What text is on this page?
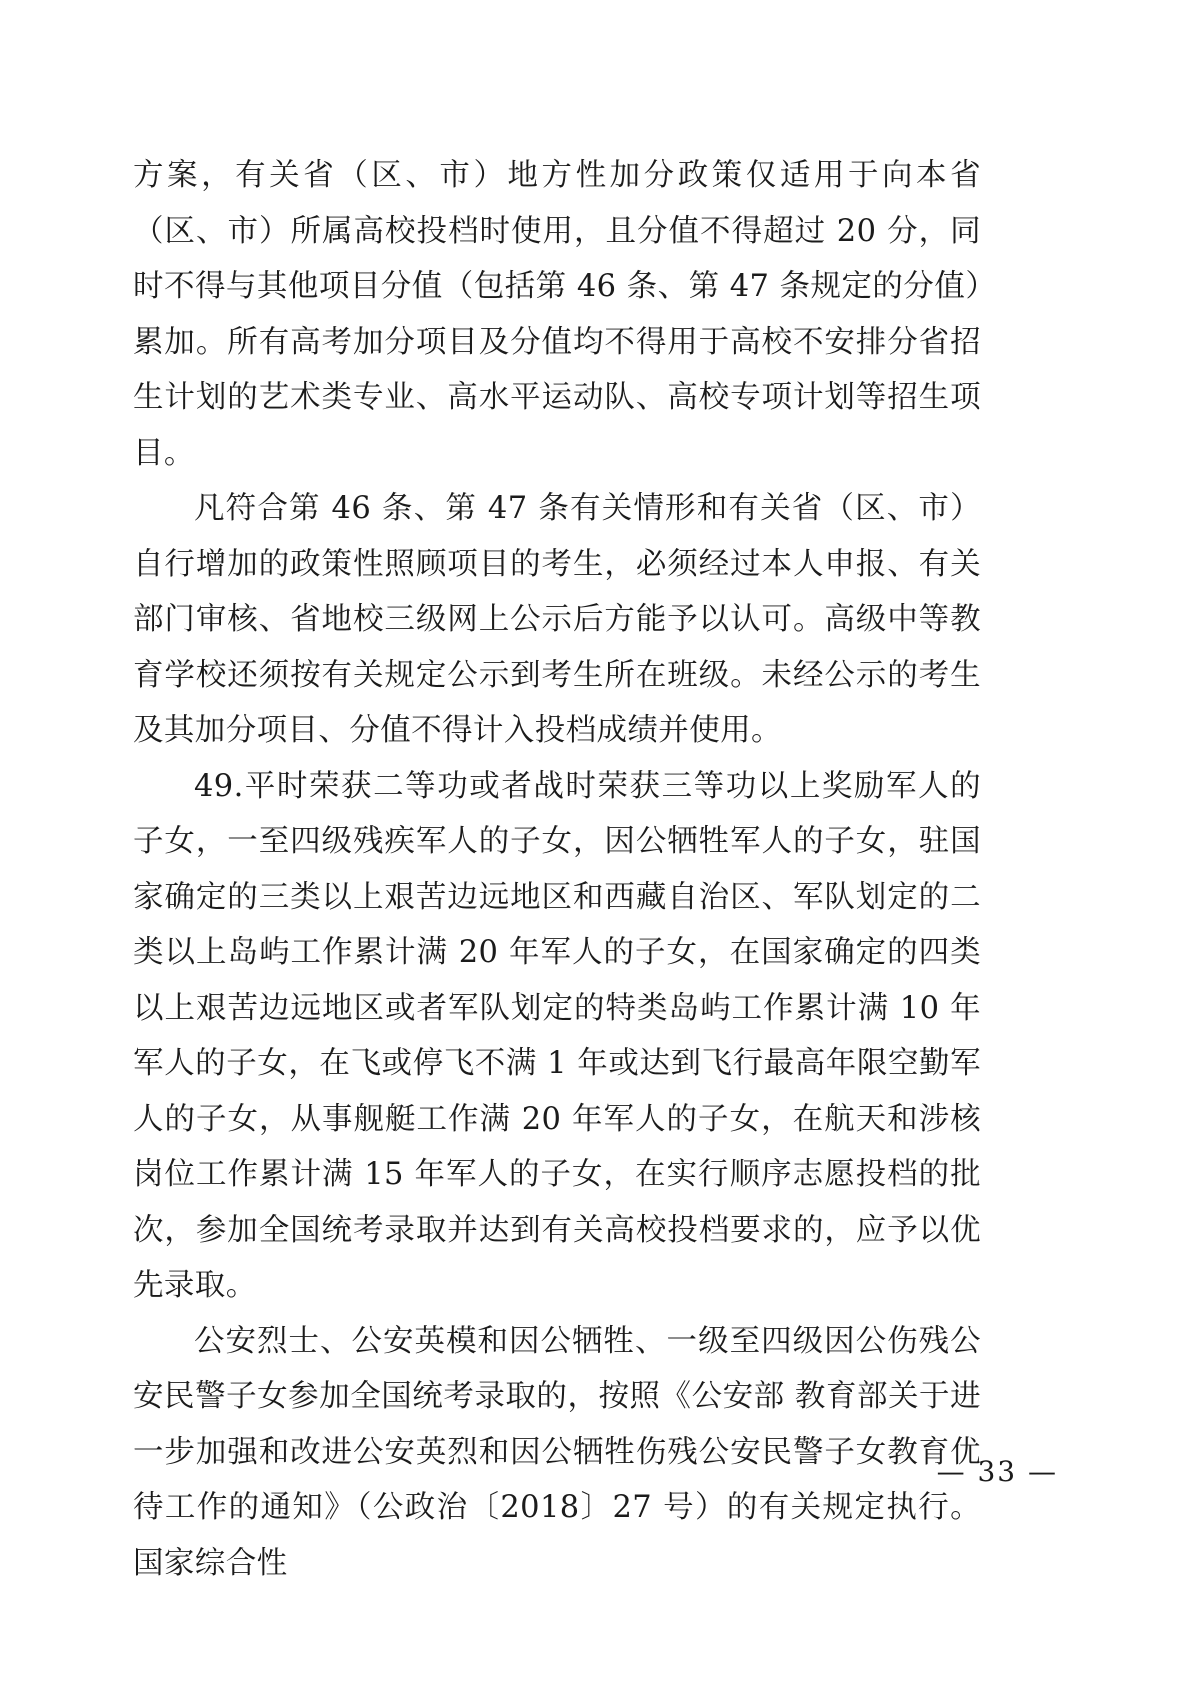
方案，有关省（区、市）地方性加分政策仅适用于向本省（区、市）所属高校投档时使用，且分值不得超过 20 分，同时不得与其他项目分值（包括第 46 条、第 47 条规定的分值）累加。所有高考加分项目及分值均不得用于高校不安排分省招生计划的艺术类专业、高水平运动队、高校专项计划等招生项目。

凡符合第 46 条、第 47 条有关情形和有关省（区、市）自行增加的政策性照顾项目的考生，必须经过本人申报、有关部门审核、省地校三级网上公示后方能予以认可。高级中等教育学校还须按有关规定公示到考生所在班级。未经公示的考生及其加分项目、分值不得计入投档成绩并使用。

49.平时荣获二等功或者战时荣获三等功以上奖励军人的子女，一至四级残疾军人的子女，因公牺牲军人的子女，驻国家确定的三类以上艰苦边远地区和西藏自治区、军队划定的二类以上岛屿工作累计满 20 年军人的子女，在国家确定的四类以上艰苦边远地区或者军队划定的特类岛屿工作累计满 10 年军人的子女，在飞或停飞不满 1 年或达到飞行最高年限空勤军人的子女，从事舰艇工作满 20 年军人的子女，在航天和涉核岗位工作累计满 15 年军人的子女，在实行顺序志愿投档的批次，参加全国统考录取并达到有关高校投档要求的，应予以优先录取。

公安烈士、公安英模和因公牺牲、一级至四级因公伤残公安民警子女参加全国统考录取的，按照《公安部 教育部关于进一步加强和改进公安英烈和因公牺牲伤残公安民警子女教育优待工作的通知》（公政治〔2018〕27 号）的有关规定执行。国家综合性

— 33 —
